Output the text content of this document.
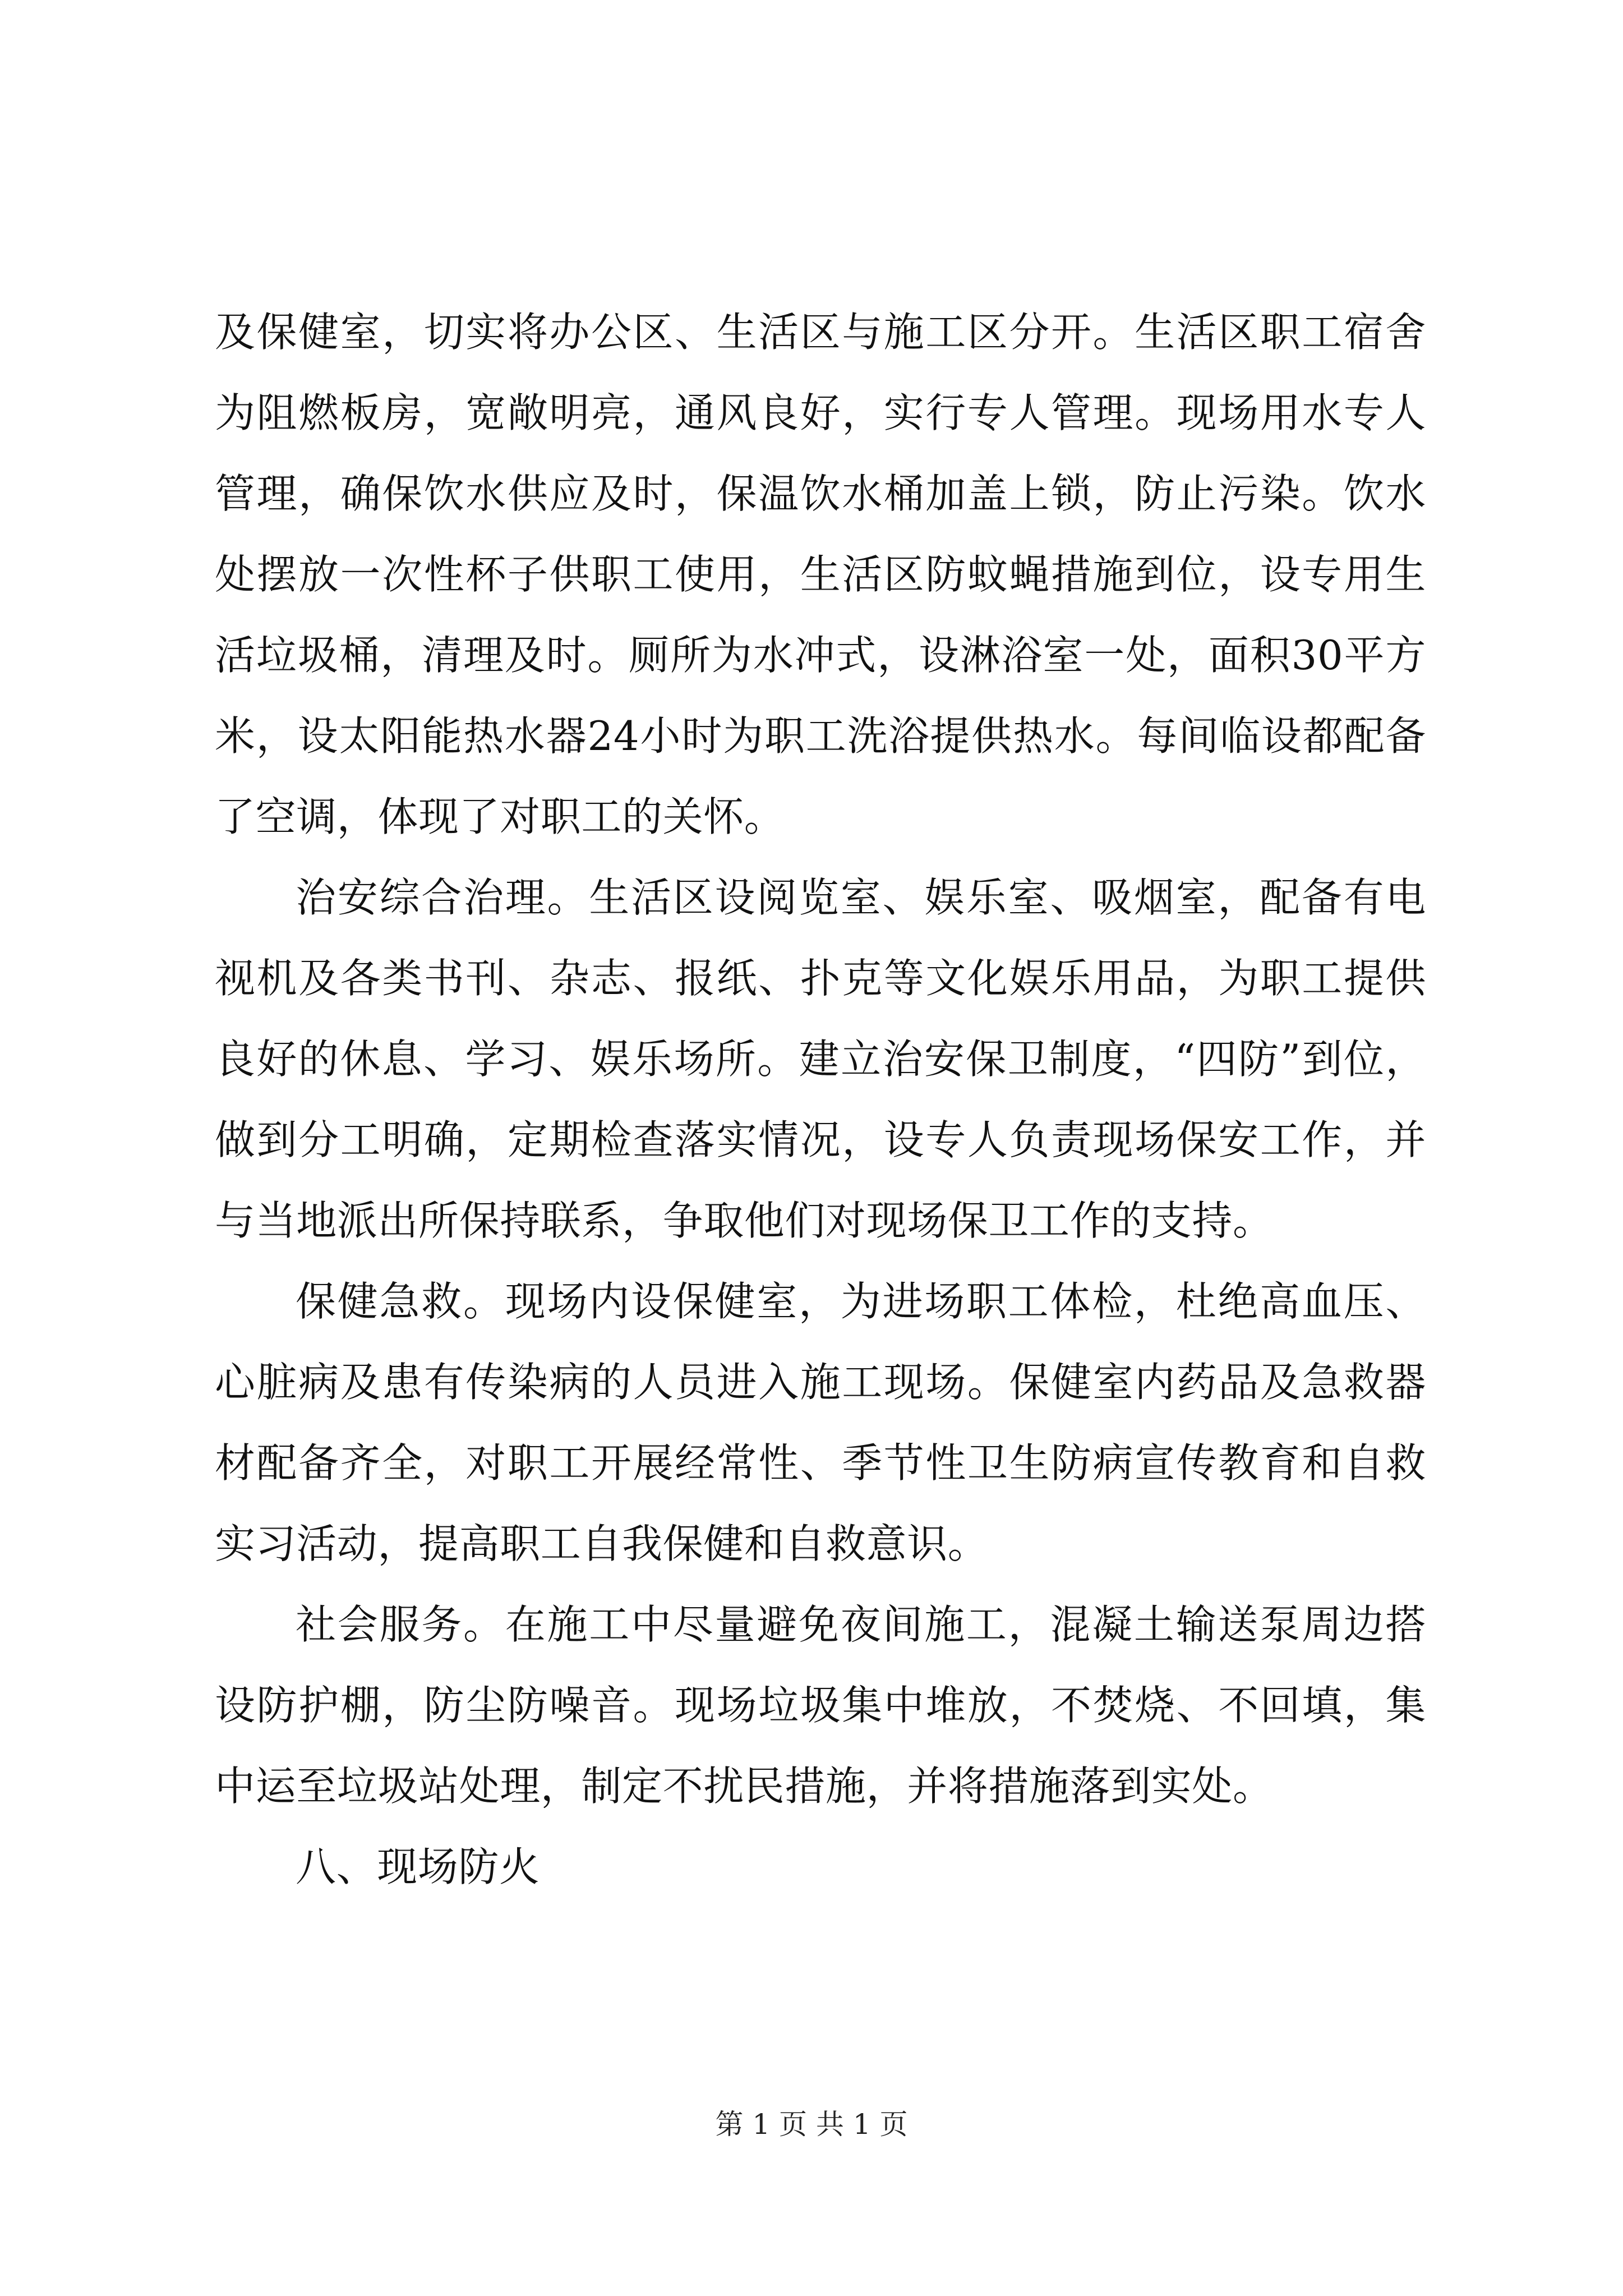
及保健室，切实将办公区、生活区与施工区分开。生活区职工宿舍为阻燃板房，宽敞明亮，通风良好，实行专人管理。现场用水专人管理，确保饮水供应及时，保温饮水桶加盖上锁，防止污染。饮水处摆放一次性杯子供职工使用，生活区防蚊蝇措施到位，设专用生活垃圾桶，清理及时。厕所为水冲式，设淋浴室一处，面积30平方米，设太阳能热水器24小时为职工洗浴提供热水。每间临设都配备了空调，体现了对职工的关怀。

治安综合治理。生活区设阅览室、娱乐室、吸烟室，配备有电视机及各类书刊、杂志、报纸、扑克等文化娱乐用品，为职工提供良好的休息、学习、娱乐场所。建立治安保卫制度，“四防”到位，做到分工明确，定期检查落实情况，设专人负责现场保安工作，并与当地派出所保持联系，争取他们对现场保卫工作的支持。

保健急救。现场内设保健室，为进场职工体检，杜绝高血压、心脏病及患有传染病的人员进入施工现场。保健室内药品及急救器材配备齐全，对职工开展经常性、季节性卫生防病宣传教育和自救实习活动，提高职工自我保健和自救意识。

社会服务。在施工中尽量避免夜间施工，混凝土输送泵周边搭设防护棚，防尘防噪音。现场垃圾集中堆放，不焚烧、不回填，集中运至垃圾站处理，制定不扰民措施，并将措施落到实处。

八、现场防火

第 1 页 共 1 页
